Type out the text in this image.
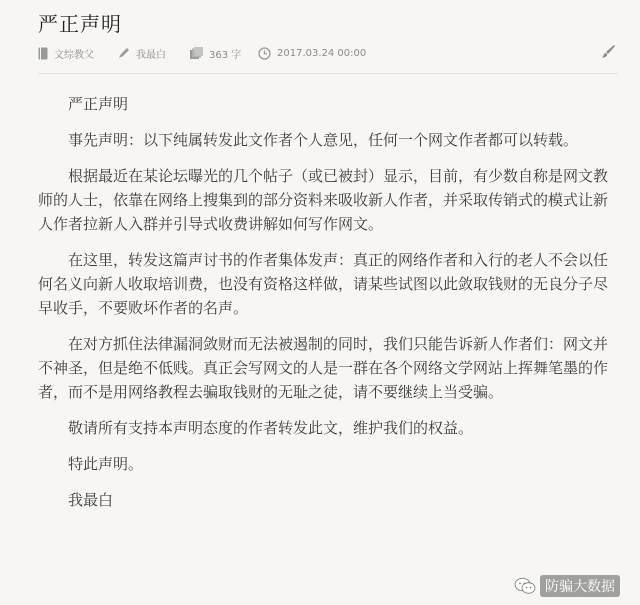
严正声明
文综教父	我最白	363 字	2017.03.24 00:00

严正声明

事先声明：以下纯属转发此文作者个人意见，任何一个网文作者都可以转载。

根据最近在某论坛曝光的几个帖子（或已被封）显示，目前，有少数自称是网文教师的人士，依靠在网络上搜集到的部分资料来吸收新人作者，并采取传销式的模式让新人作者拉新人入群并引导式收费讲解如何写作网文。

在这里，转发这篇声讨书的作者集体发声：真正的网络作者和入行的老人不会以任何名义向新人收取培训费，也没有资格这样做，请某些试图以此敛取钱财的无良分子尽早收手，不要败坏作者的名声。

在对方抓住法律漏洞敛财而无法被遏制的同时，我们只能告诉新人作者们：网文并不神圣，但是绝不低贱。真正会写网文的人是一群在各个网络文学网站上挥舞笔墨的作者，而不是用网络教程去骗取钱财的无耻之徒，请不要继续上当受骗。

敬请所有支持本声明态度的作者转发此文，维护我们的权益。

特此声明。

我最白

防骗大数据
